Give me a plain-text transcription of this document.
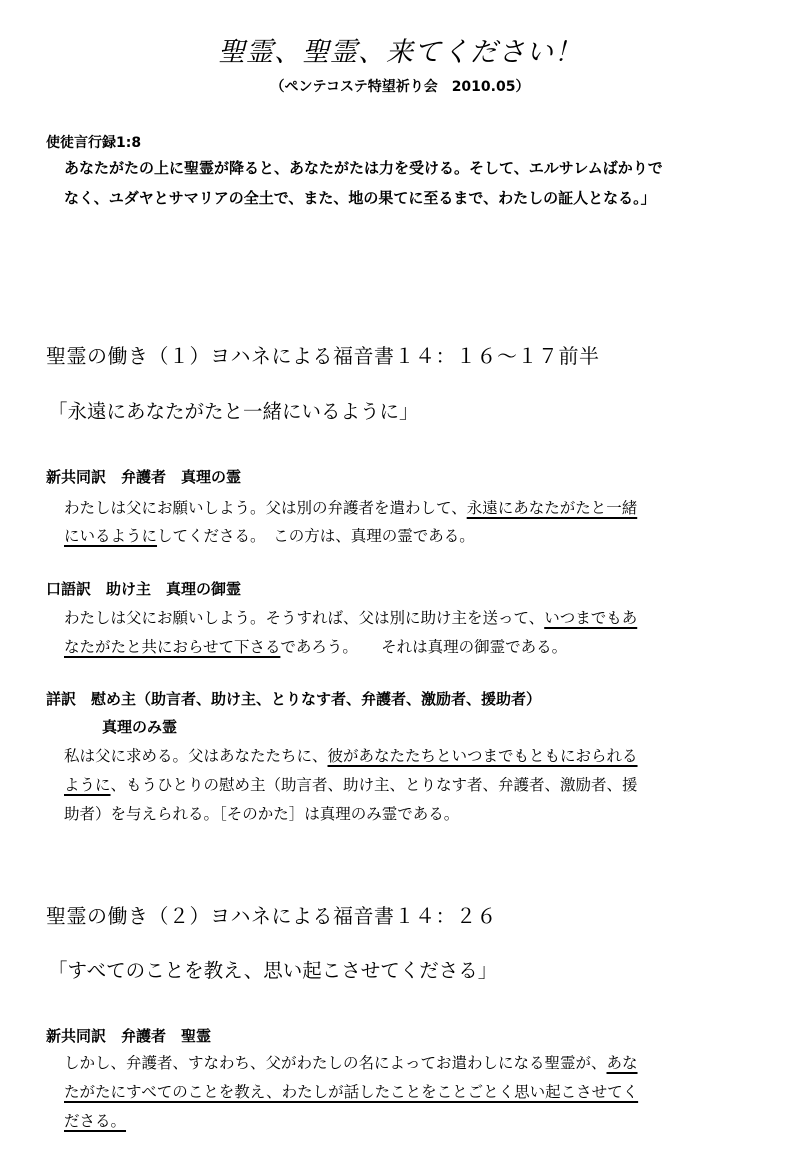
聖霊、聖霊、来てください！
（ペンテコステ特望祈り会　2010.05）
使徒言行録1:8
あなたがたの上に聖霊が降ると、あなたがたは力を受ける。そして、エルサレムばかりで
なく、ユダヤとサマリアの全土で、また、地の果てに至るまで、わたしの証人となる。」
聖霊の働き（１）ヨハネによる福音書１４：１６〜１７前半
「永遠にあなたがたと一緒にいるように」
新共同訳　弁護者　真理の霊
わたしは父にお願いしよう。父は別の弁護者を遣わして、永遠にあなたがたと一緒
にいるようにしてくださる。　この方は、真理の霊である。
口語訳　助け主　真理の御霊
わたしは父にお願いしよう。そうすれば、父は別に助け主を送って、いつまでもあ
なたがたと共におらせて下さるであろう。　　それは真理の御霊である。
詳訳　慰め主（助言者、助け主、とりなす者、弁護者、激励者、援助者）
真理のみ霊
私は父に求める。父はあなたたちに、彼があなたたちといつまでもともにおられる
ように、もうひとりの慰め主（助言者、助け主、とりなす者、弁護者、激励者、援
助者）を与えられる。［そのかた］は真理のみ霊である。
聖霊の働き（２）ヨハネによる福音書１４：２６
「すべてのことを教え、思い起こさせてくださる」
新共同訳　弁護者　聖霊
しかし、弁護者、すなわち、父がわたしの名によってお遣わしになる聖霊が、あな
たがたにすべてのことを教え、わたしが話したことをことごとく思い起こさせてく
ださる。
